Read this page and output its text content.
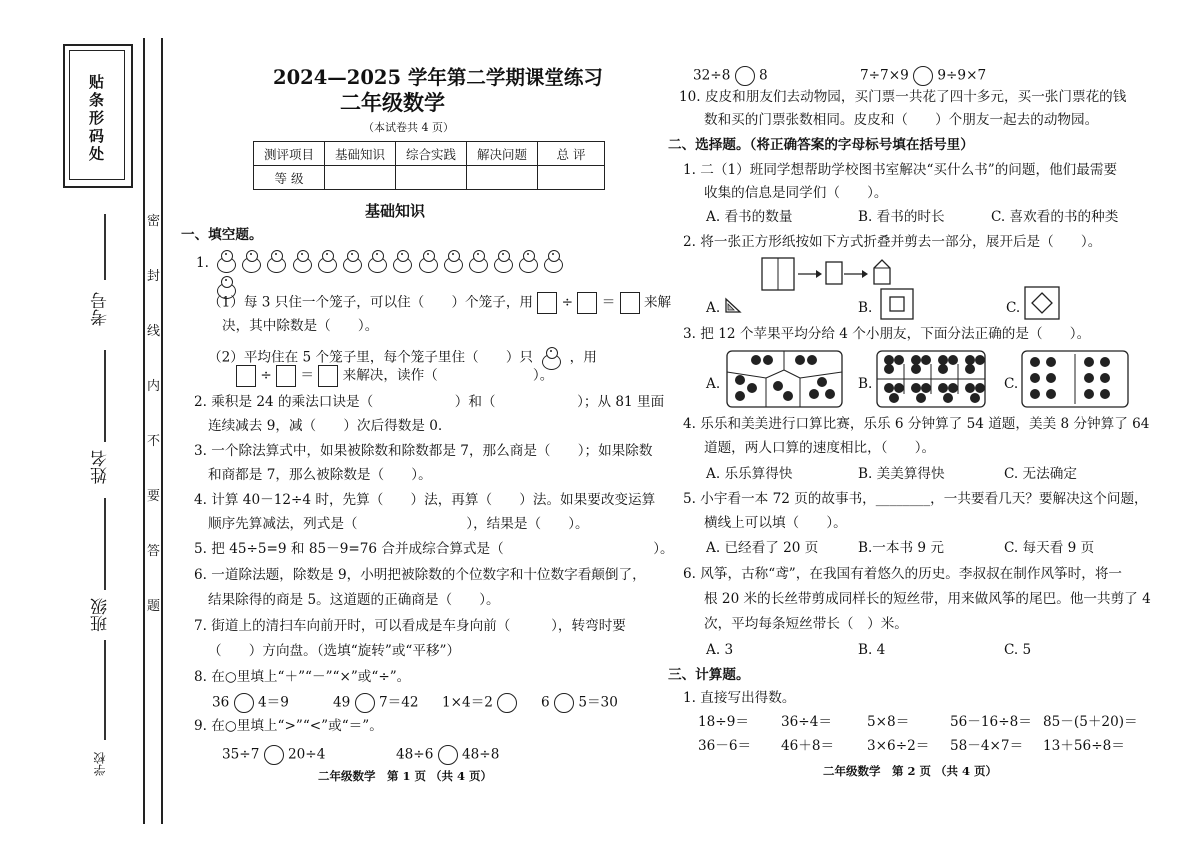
贴条形码处
考号
姓名
班级
学校
密
封
线
内
不
要
答
题
2024—2025 学年第二学期课堂练习
二年级数学
（本试卷共 4 页）
测评项目	基础知识	综合实践	解决问题	总 评
等 级				
基础知识
一、填空题。
1.
（1）每 3 只住一个笼子，可以住（　　）个笼子，用  ÷  ＝  来解
决，其中除数是（　　）。
（2）平均住在 5 个笼子里，每个笼子里住（　　）只	，用
÷  ＝  来解决，读作（　　　　　　　）。
2. 乘积是 24 的乘法口诀是（　　　　　　）和（　　　　　　）；从 81 里面
连续减去 9，减（　　）次后得数是 0.
3. 一个除法算式中，如果被除数和除数都是 7，那么商是（　　）；如果除数
和商都是 7，那么被除数是（　　）。
4. 计算 40－12÷4 时，先算（　　）法，再算（　　）法。如果要改变运算
顺序先算减法，列式是（　　　　　　　　），结果是（　　）。
5. 把 45÷5=9 和 85－9=76 合并成综合算式是（　　　　　　　　　　　）。
6. 一道除法题，除数是 9，小明把被除数的个位数字和十位数字看颠倒了，
结果除得的商是 5。这道题的正确商是（　　）。
7. 街道上的清扫车向前开时，可以看成是车身向前（　　　），转弯时要
（　　）方向盘。（选填“旋转”或“平移”）
8. 在○里填上“＋”“－”“×”或“÷”。
36 4＝9	49 7＝42 1×4＝2	6 5＝30
9. 在○里填上“>”“<”或“＝”。
35÷7 20÷4	48÷6 48÷8
二年级数学　第 1 页 （共 4 页）
32÷8 8	7÷7×9 9÷9×7
10. 皮皮和朋友们去动物园，买门票一共花了四十多元，买一张门票花的钱
数和买的门票张数相同。皮皮和（　　）个朋友一起去的动物园。
二、选择题。（将正确答案的字母标号填在括号里）
1. 二（1）班同学想帮助学校图书室解决“买什么书”的问题，他们最需要
收集的信息是同学们（　　）。
A. 看书的数量	B. 看书的时长	C. 喜欢看的书的种类
2. 将一张正方形纸按如下方式折叠并剪去一部分，展开后是（　　）。
A.	B.	C.
3. 把 12 个苹果平均分给 4 个小朋友，下面分法正确的是（　　）。
A.	B.	C.
4. 乐乐和美美进行口算比赛，乐乐 6 分钟算了 54 道题，美美 8 分钟算了 64
道题，两人口算的速度相比，（　　）。
A. 乐乐算得快	B. 美美算得快	C. 无法确定
5. 小宇看一本 72 页的故事书，________，一共要看几天？要解决这个问题，
横线上可以填（　　）。
A. 已经看了 20 页	B.一本书 9 元	C. 每天看 9 页
6. 风筝，古称“鸢”，在我国有着悠久的历史。李叔叔在制作风筝时，将一
根 20 米的长丝带剪成同样长的短丝带，用来做风筝的尾巴。他一共剪了 4
次，平均每条短丝带长（　）米。
A. 3	B. 4	C. 5
三、计算题。
1. 直接写出得数。
18÷9＝ 36÷4＝	5×8＝	56－16÷8＝ 85－(5＋20)＝
36－6＝ 46＋8＝ 3×6÷2＝ 58－4×7＝ 13＋56÷8＝
二年级数学　第 2 页 （共 4 页）
